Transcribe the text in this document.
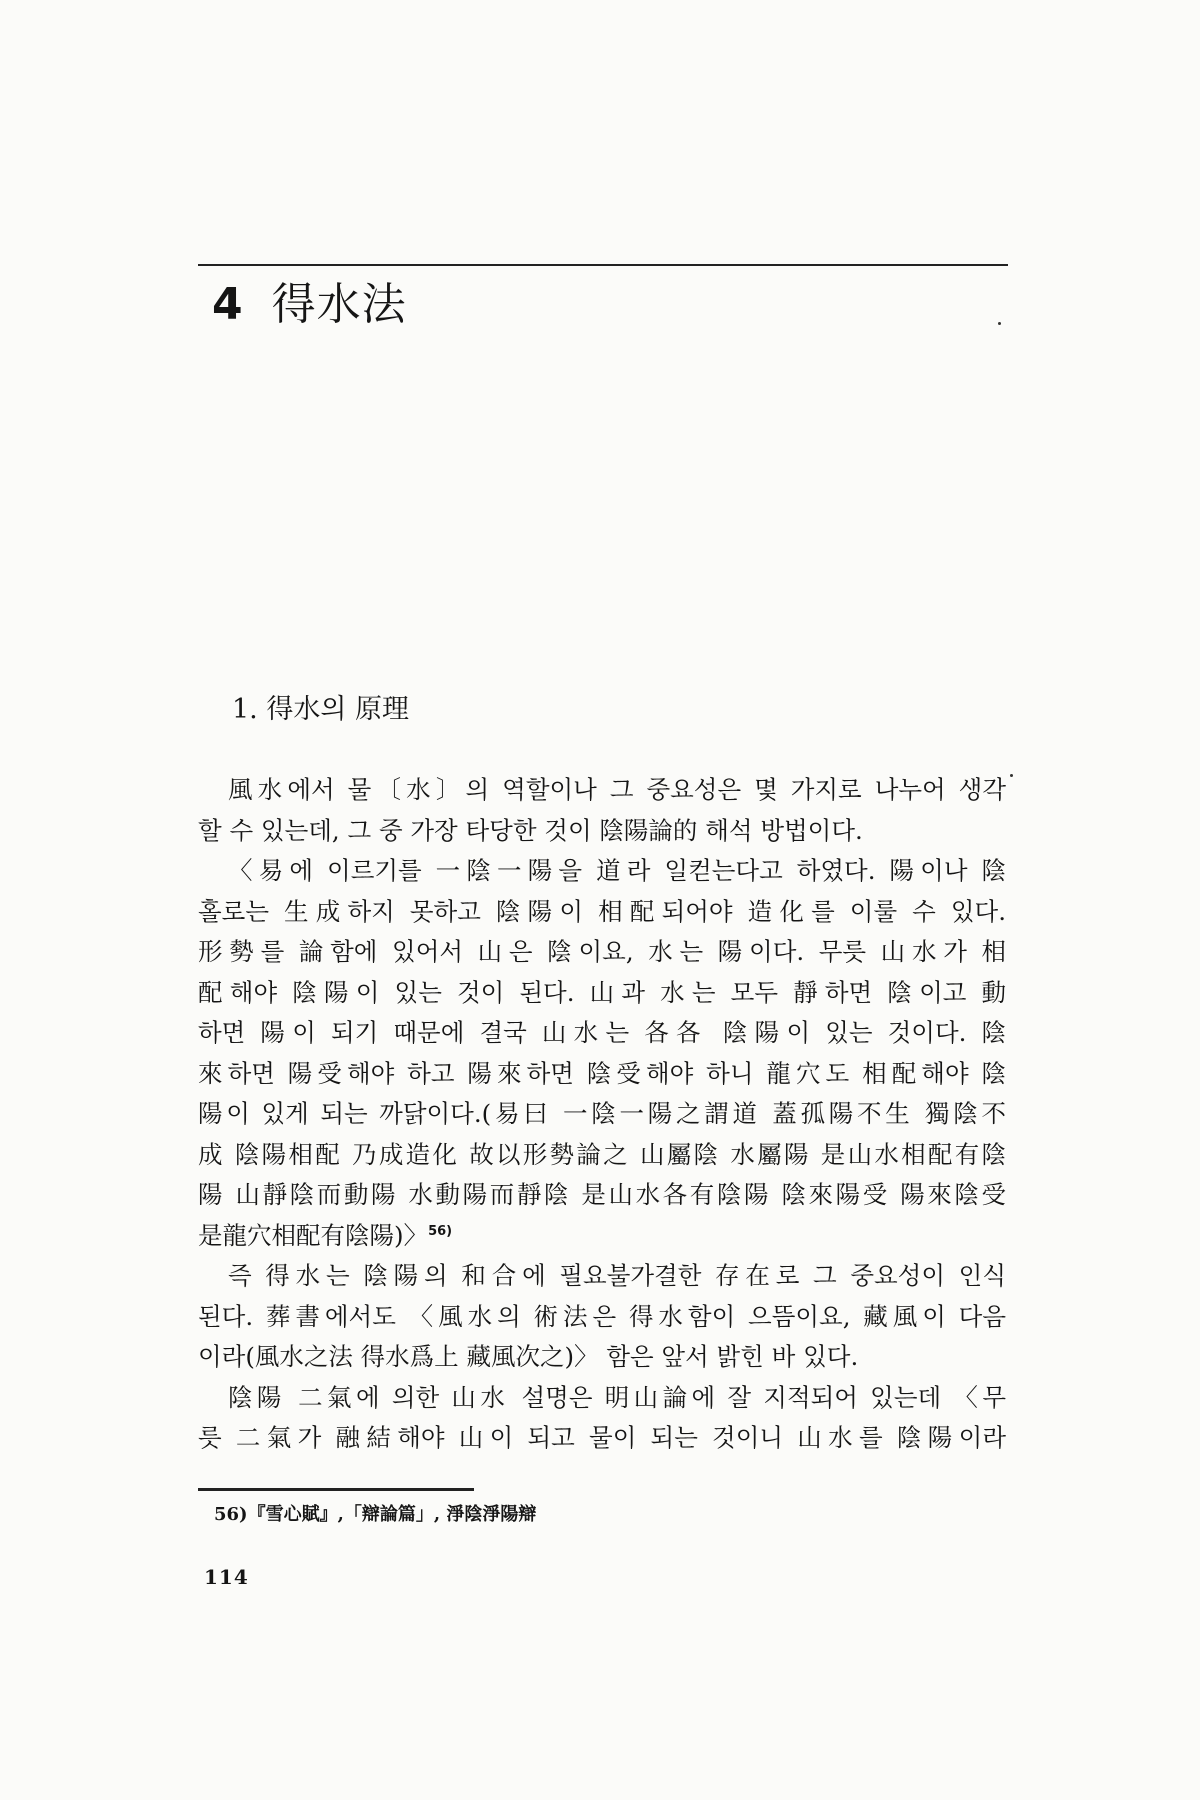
4 得水法
1. 得水의 原理
風水에서 물〔水〕의 역할이나 그 중요성은 몇 가지로 나누어 생각
할 수 있는데, 그 중 가장 타당한 것이 陰陽論的 해석 방법이다.
〈易에 이르기를 一陰一陽을 道라 일컫는다고 하였다. 陽이나 陰
홀로는 生成하지 못하고 陰陽이 相配되어야 造化를 이룰 수 있다.
形勢를 論함에 있어서 山은 陰이요, 水는 陽이다. 무릇 山水가 相
配해야 陰陽이 있는 것이 된다. 山과 水는 모두 靜하면 陰이고 動
하면 陽이 되기 때문에 결국 山水는 各各 陰陽이 있는 것이다. 陰
來하면 陽受해야 하고 陽來하면 陰受해야 하니 龍穴도 相配해야 陰
陽이 있게 되는 까닭이다.(易曰 一陰一陽之謂道 蓋孤陽不生 獨陰不
成 陰陽相配 乃成造化 故以形勢論之 山屬陰 水屬陽 是山水相配有陰
陽 山靜陰而動陽 水動陽而靜陰 是山水各有陰陽 陰來陽受 陽來陰受
是龍穴相配有陰陽)〉$^{56)}$
즉 得水는 陰陽의 和合에 필요불가결한 存在로 그 중요성이 인식
된다. 葬書에서도 〈風水의 術法은 得水함이 으뜸이요, 藏風이 다음
이라(風水之法 得水爲上 藏風次之)〉 함은 앞서 밝힌 바 있다.
陰陽 二氣에 의한 山水 설명은 明山論에 잘 지적되어 있는데 〈무
릇 二氣가 融結해야 山이 되고 물이 되는 것이니 山水를 陰陽이라

56)『雪心賦』,「辯論篇」, 淨陰淨陽辯

114
